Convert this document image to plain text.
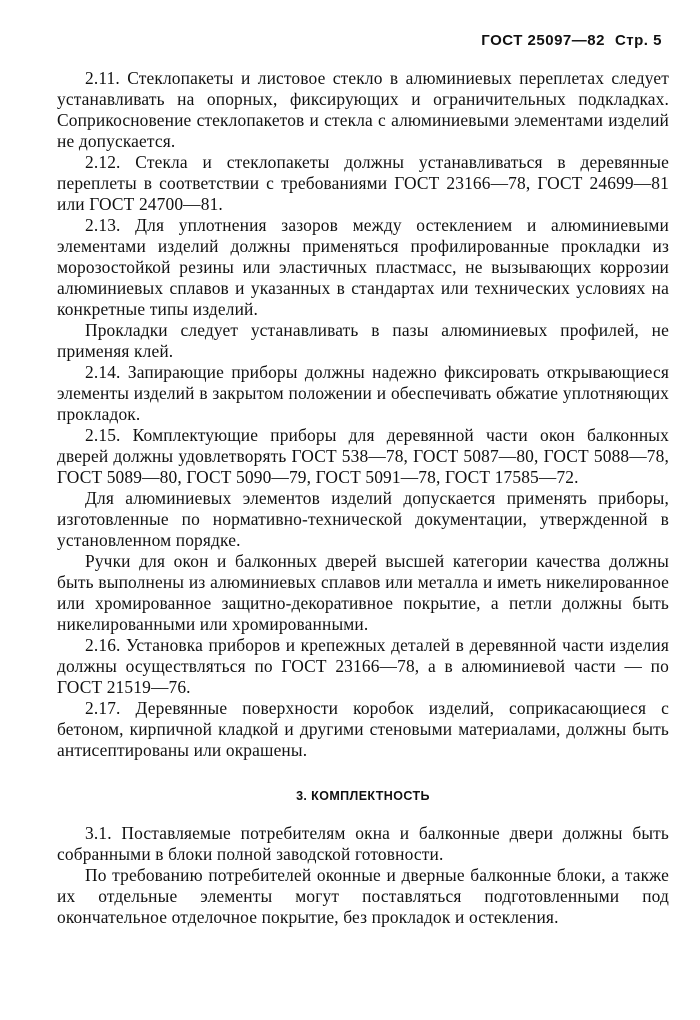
ГОСТ 25097—82 Стр. 5

2.11. Стеклопакеты и листовое стекло в алюминиевых переплетах следует устанавливать на опорных, фиксирующих и ограничительных подкладках. Соприкосновение стеклопакетов и стекла с алюминиевыми элементами изделий не допускается.

2.12. Стекла и стеклопакеты должны устанавливаться в деревянные переплеты в соответствии с требованиями ГОСТ 23166—78, ГОСТ 24699—81 или ГОСТ 24700—81.

2.13. Для уплотнения зазоров между остеклением и алюминиевыми элементами изделий должны применяться профилированные прокладки из морозостойкой резины или эластичных пластмасс, не вызывающих коррозии алюминиевых сплавов и указанных в стандартах или технических условиях на конкретные типы изделий.

Прокладки следует устанавливать в пазы алюминиевых профилей, не применяя клей.

2.14. Запирающие приборы должны надежно фиксировать открывающиеся элементы изделий в закрытом положении и обеспечивать обжатие уплотняющих прокладок.

2.15. Комплектующие приборы для деревянной части окон балконных дверей должны удовлетворять ГОСТ 538—78, ГОСТ 5087—80, ГОСТ 5088—78, ГОСТ 5089—80, ГОСТ 5090—79, ГОСТ 5091—78, ГОСТ 17585—72.

Для алюминиевых элементов изделий допускается применять приборы, изготовленные по нормативно-технической документации, утвержденной в установленном порядке.

Ручки для окон и балконных дверей высшей категории качества должны быть выполнены из алюминиевых сплавов или металла и иметь никелированное или хромированное защитно-декоративное покрытие, а петли должны быть никелированными или хромированными.

2.16. Установка приборов и крепежных деталей в деревянной части изделия должны осуществляться по ГОСТ 23166—78, а в алюминиевой части — по ГОСТ 21519—76.

2.17. Деревянные поверхности коробок изделий, соприкасающиеся с бетоном, кирпичной кладкой и другими стеновыми материалами, должны быть антисептированы или окрашены.

3. КОМПЛЕКТНОСТЬ

3.1. Поставляемые потребителям окна и балконные двери должны быть собранными в блоки полной заводской готовности.

По требованию потребителей оконные и дверные балконные блоки, а также их отдельные элементы могут поставляться подготовленными под окончательное отделочное покрытие, без прокладок и остекления.
